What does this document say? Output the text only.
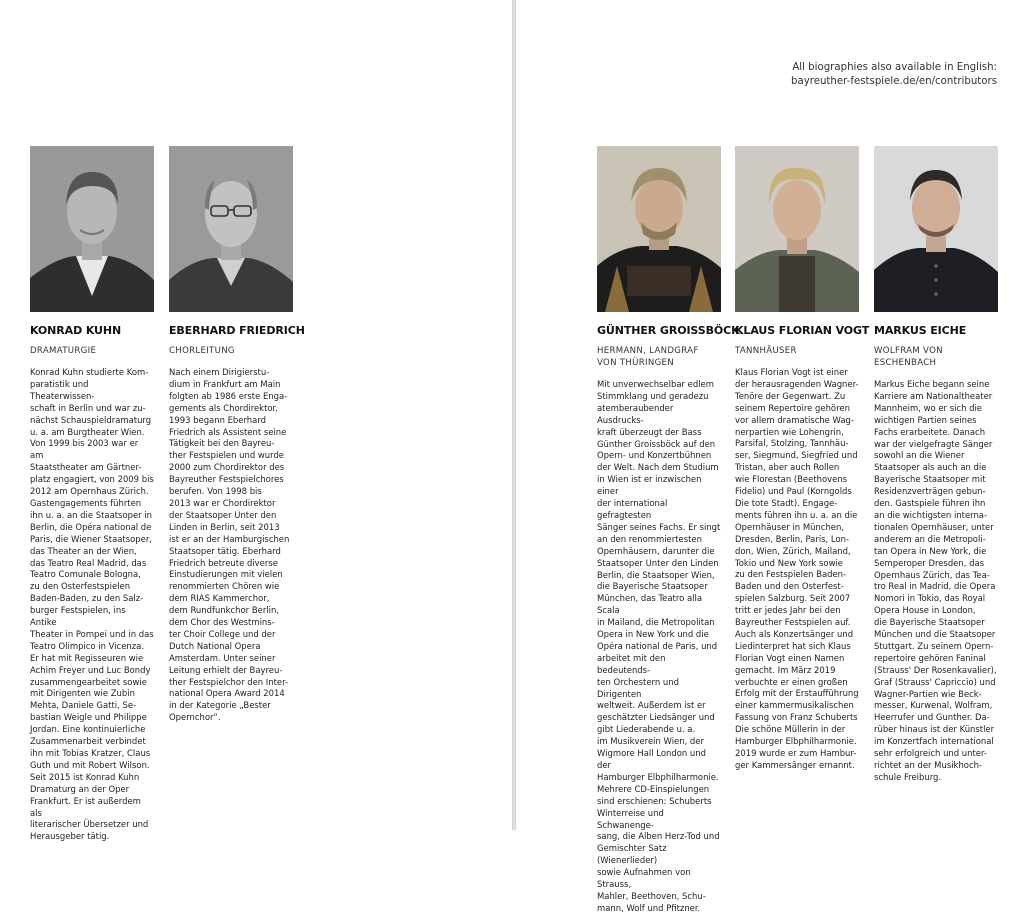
KONRAD KUHN
DRAMATURGIE
Konrad Kuhn studierte Kom-
paratistik und Theaterwissen-
schaft in Berlin und war zu-
nächst Schauspieldramaturg
u. a. am Burgtheater Wien.
Von 1999 bis 2003 war er am
Staatstheater am Gärtner-
platz engagiert, von 2009 bis
2012 am Opernhaus Zürich.
Gastengagements führten
ihn u. a. an die Staatsoper in
Berlin, die Opéra national de
Paris, die Wiener Staatsoper,
das Theater an der Wien,
das Teatro Real Madrid, das
Teatro Comunale Bologna,
zu den Osterfestspielen
Baden-Baden, zu den Salz-
burger Festspielen, ins Antike
Theater in Pompei und in das
Teatro Olimpico in Vicenza.
Er hat mit Regisseuren wie
Achim Freyer und Luc Bondy
zusammengearbeitet sowie
mit Dirigenten wie Zubin
Mehta, Daniele Gatti, Se-
bastian Weigle und Philippe
Jordan. Eine kontinuierliche
Zusammenarbeit verbindet
ihn mit Tobias Kratzer, Claus
Guth und mit Robert Wilson.
Seit 2015 ist Konrad Kuhn
Dramaturg an der Oper
Frankfurt. Er ist außerdem als
literarischer Übersetzer und
Herausgeber tätig.
EBERHARD FRIEDRICH
CHORLEITUNG
Nach einem Dirigierstu-
dium in Frankfurt am Main
folgten ab 1986 erste Enga-
gements als Chordirektor.
1993 begann Eberhard
Friedrich als Assistent seine
Tätigkeit bei den Bayreu-
ther Festspielen und wurde
2000 zum Chordirektor des
Bayreuther Festspielchores
berufen. Von 1998 bis
2013 war er Chordirektor
der Staatsoper Unter den
Linden in Berlin, seit 2013
ist er an der Hamburgischen
Staatsoper tätig. Eberhard
Friedrich betreute diverse
Einstudierungen mit vielen
renommierten Chören wie
dem RIAS Kammerchor,
dem Rundfunkchor Berlin,
dem Chor des Westmins-
ter Choir College und der
Dutch National Opera
Amsterdam. Unter seiner
Leitung erhielt der Bayreu-
ther Festspielchor den Inter-
national Opera Award 2014
in der Kategorie „Bester
Opernchor“.
All biographies also available in English:
bayreuther-festspiele.de/en/contributors
GÜNTHER GROISSBÖCK
HERMANN, LANDGRAF
VON THÜRINGEN
Mit unverwechselbar edlem
Stimmklang und geradezu
atemberaubender Ausdrucks-
kraft überzeugt der Bass
Günther Groissböck auf den
Opern- und Konzertbühnen
der Welt. Nach dem Studium
in Wien ist er inzwischen einer
der international gefragtesten
Sänger seines Fachs. Er singt
an den renommiertesten
Opernhäusern, darunter die
Staatsoper Unter den Linden
Berlin, die Staatsoper Wien,
die Bayerische Staatsoper
München, das Teatro alla Scala
in Mailand, die Metropolitan
Opera in New York und die
Opéra national de Paris, und
arbeitet mit den bedeutends-
ten Orchestern und Dirigenten
weltweit. Außerdem ist er
geschätzter Liedsänger und
gibt Liederabende u. a.
im Musikverein Wien, der
Wigmore Hall London und der
Hamburger Elbphilharmonie.
Mehrere CD-Einspielungen
sind erschienen: Schuberts
Winterreise und Schwanenge-
sang, die Alben Herz-Tod und
Gemischter Satz (Wienerlieder)
sowie Aufnahmen von Strauss,
Mahler, Beethoven, Schu-
mann, Wolf und Pfitzner.
KLAUS FLORIAN VOGT
TANNHÄUSER
Klaus Florian Vogt ist einer
der herausragenden Wagner-
Tenöre der Gegenwart. Zu
seinem Repertoire gehören
vor allem dramatische Wag-
nerpartien wie Lohengrin,
Parsifal, Stolzing, Tannhäu-
ser, Siegmund, Siegfried und
Tristan, aber auch Rollen
wie Florestan (Beethovens
Fidelio) und Paul (Korngolds
Die tote Stadt). Engage-
ments führen ihn u. a. an die
Opernhäuser in München,
Dresden, Berlin, Paris, Lon-
don, Wien, Zürich, Mailand,
Tokio und New York sowie
zu den Festspielen Baden-
Baden und den Osterfest-
spielen Salzburg. Seit 2007
tritt er jedes Jahr bei den
Bayreuther Festspielen auf.
Auch als Konzertsänger und
Liedinterpret hat sich Klaus
Florian Vogt einen Namen
gemacht. Im März 2019
verbuchte er einen großen
Erfolg mit der Erstaufführung
einer kammermusikalischen
Fassung von Franz Schuberts
Die schöne Müllerin in der
Hamburger Elbphilharmonie.
2019 wurde er zum Hambur-
ger Kammersänger ernannt.
MARKUS EICHE
WOLFRAM VON
ESCHENBACH
Markus Eiche begann seine
Karriere am Nationaltheater
Mannheim, wo er sich die
wichtigen Partien seines
Fachs erarbeitete. Danach
war der vielgefragte Sänger
sowohl an die Wiener
Staatsoper als auch an die
Bayerische Staatsoper mit
Residenzverträgen gebun-
den. Gastspiele führen ihn
an die wichtigsten interna-
tionalen Opernhäuser, unter
anderem an die Metropoli-
tan Opera in New York, die
Semperoper Dresden, das
Opernhaus Zürich, das Tea-
tro Real in Madrid, die Opera
Nomori in Tokio, das Royal
Opera House in London,
die Bayerische Staatsoper
München und die Staatsoper
Stuttgart. Zu seinem Opern-
repertoire gehören Faninal
(Strauss' Der Rosenkavalier),
Graf (Strauss' Capriccio) und
Wagner-Partien wie Beck-
messer, Kurwenal, Wolfram,
Heerrufer und Gunther. Da-
rüber hinaus ist der Künstler
im Konzertfach international
sehr erfolgreich und unter-
richtet an der Musikhoch-
schule Freiburg.
